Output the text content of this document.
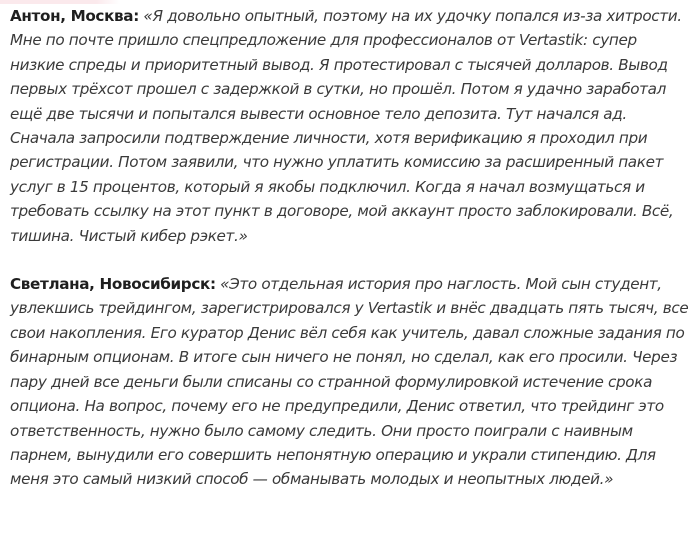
Антон, Москва: «Я довольно опытный, поэтому на их удочку попался из-за хитрости. Мне по почте пришло спецпредложение для профессионалов от Vertastik: супер низкие спреды и приоритетный вывод. Я протестировал с тысячей долларов. Вывод первых трёхсот прошел с задержкой в сутки, но прошёл. Потом я удачно заработал ещё две тысячи и попытался вывести основное тело депозита. Тут начался ад. Сначала запросили подтверждение личности, хотя верификацию я проходил при регистрации. Потом заявили, что нужно уплатить комиссию за расширенный пакет услуг в 15 процентов, который я якобы подключил. Когда я начал возмущаться и требовать ссылку на этот пункт в договоре, мой аккаунт просто заблокировали. Всё, тишина. Чистый кибер рэкет.»

Светлана, Новосибирск: «Это отдельная история про наглость. Мой сын студент, увлекшись трейдингом, зарегистрировался у Vertastik и внёс двадцать пять тысяч, все свои накопления. Его куратор Денис вёл себя как учитель, давал сложные задания по бинарным опционам. В итоге сын ничего не понял, но сделал, как его просили. Через пару дней все деньги были списаны со странной формулировкой истечение срока опциона. На вопрос, почему его не предупредили, Денис ответил, что трейдинг это ответственность, нужно было самому следить. Они просто поиграли с наивным парнем, вынудили его совершить непонятную операцию и украли стипендию. Для меня это самый низкий способ — обманывать молодых и неопытных людей.»
